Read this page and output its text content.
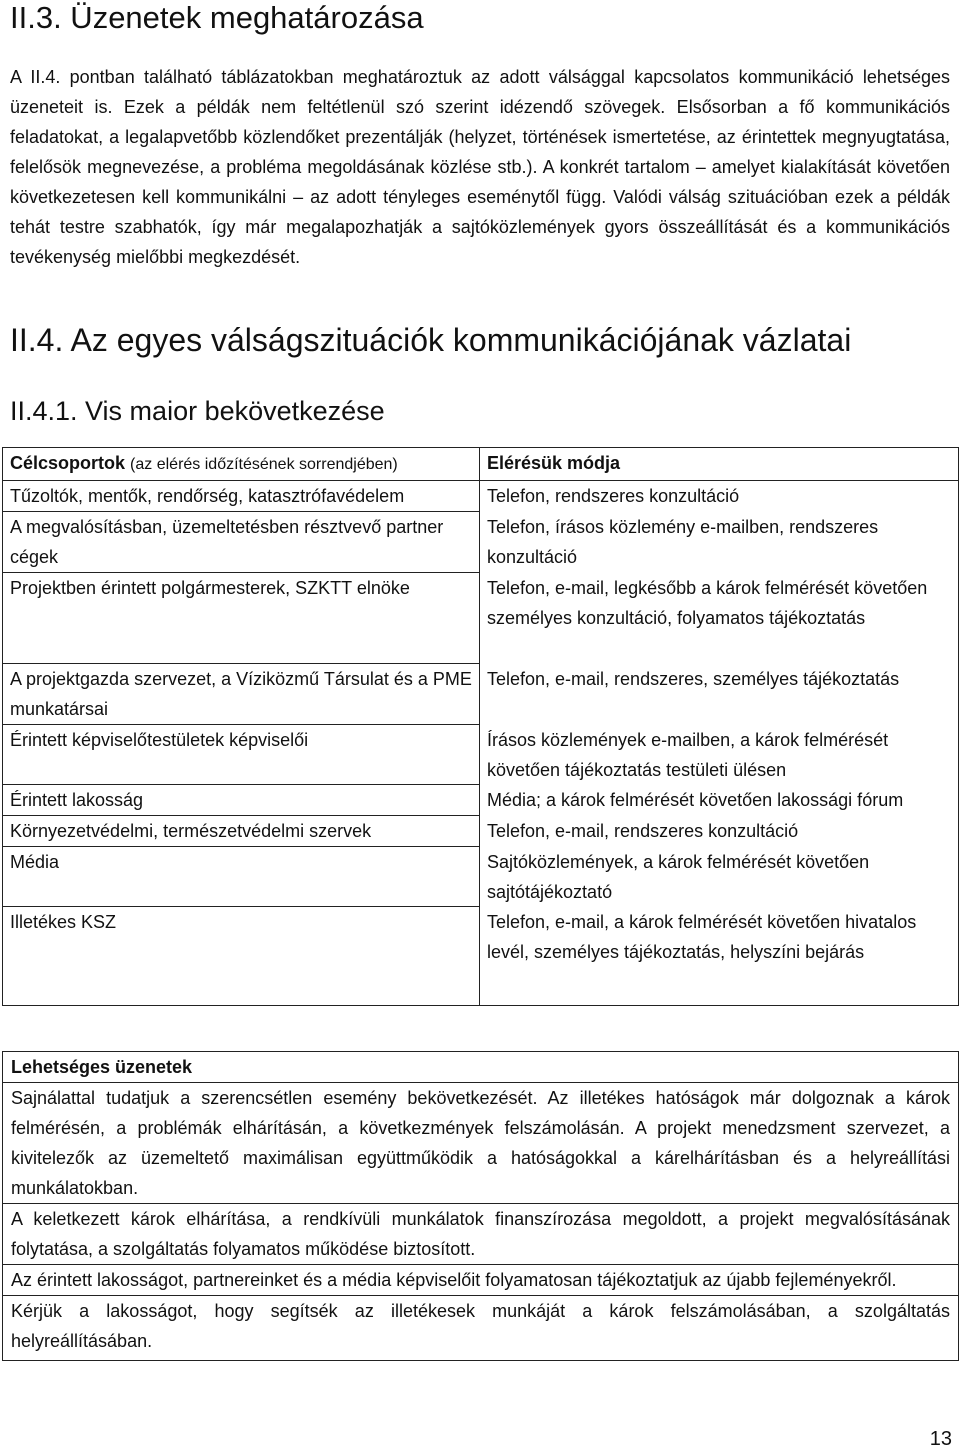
II.3. Üzenetek meghatározása

A II.4. pontban található táblázatokban meghatároztuk az adott válsággal kapcsolatos kommunikáció lehetséges üzeneteit is. Ezek a példák nem feltétlenül szó szerint idézendő szövegek. Elsősorban a fő kommunikációs feladatokat, a legalapvetőbb közlendőket prezentálják (helyzet, történések ismertetése, az érintettek megnyugtatása, felelősök megnevezése, a probléma megoldásának közlése stb.). A konkrét tartalom – amelyet kialakítását követően következetesen kell kommunikálni – az adott tényleges eseménytől függ. Valódi válság szituációban ezek a példák tehát testre szabhatók, így már megalapozhatják a sajtóközlemények gyors összeállítását és a kommunikációs tevékenység mielőbbi megkezdését.

II.4. Az egyes válságszituációk kommunikációjának vázlatai
II.4.1. Vis maior bekövetkezése
Célcsoportok (az elérés időzítésének sorrendjében)	Elérésük módja
Tűzoltók, mentők, rendőrség, katasztrófavédelem	Telefon, rendszeres konzultáció
A megvalósításban, üzemeltetésben résztvevő partner cégek	Telefon, írásos közlemény e-mailben, rendszeres konzultáció
Projektben érintett polgármesterek, SZKTT elnöke	Telefon, e-mail, legkésőbb a károk felmérését követően személyes konzultáció, folyamatos tájékoztatás
A projektgazda szervezet, a Víziközmű Társulat és a PME munkatársai	Telefon, e-mail, rendszeres, személyes tájékoztatás
Érintett képviselőtestületek képviselői	Írásos közlemények e-mailben, a károk felmérését követően tájékoztatás testületi ülésen
Érintett lakosság	Média; a károk felmérését követően lakossági fórum
Környezetvédelmi, természetvédelmi szervek	Telefon, e-mail, rendszeres konzultáció
Média	Sajtóközlemények, a károk felmérését követően sajtótájékoztató
Illetékes KSZ	Telefon, e-mail, a károk felmérését követően hivatalos levél, személyes tájékoztatás, helyszíni bejárás

Lehetséges üzenetek
Sajnálattal tudatjuk a szerencsétlen esemény bekövetkezését. Az illetékes hatóságok már dolgoznak a károk felmérésén, a problémák elhárításán, a következmények felszámolásán. A projekt menedzsment szervezet, a kivitelezők az üzemeltető maximálisan együttműködik a hatóságokkal a kárelhárításban és a helyreállítási munkálatokban.
A keletkezett károk elhárítása, a rendkívüli munkálatok finanszírozása megoldott, a projekt megvalósításának folytatása, a szolgáltatás folyamatos működése biztosított.
Az érintett lakosságot, partnereinket és a média képviselőit folyamatosan tájékoztatjuk az újabb fejleményekről.
Kérjük a lakosságot, hogy segítsék az illetékesek munkáját a károk felszámolásában, a szolgáltatás helyreállításában.
13
